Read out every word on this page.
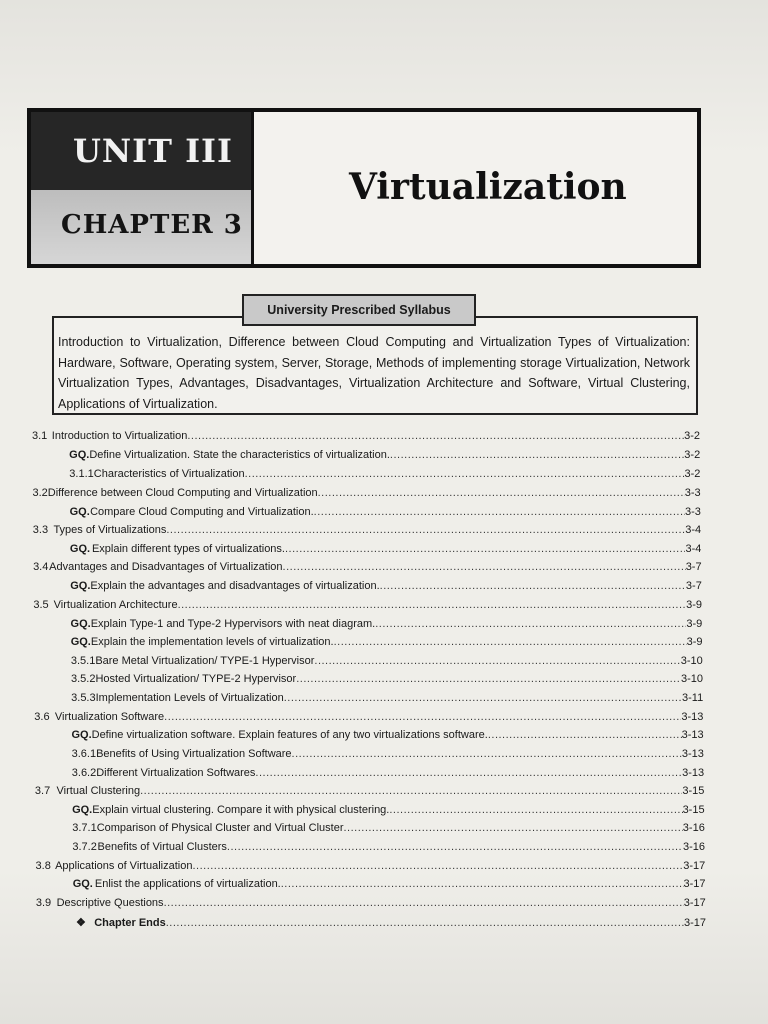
UNIT III
CHAPTER 3
Virtualization
Introduction to Virtualization, Difference between Cloud Computing and Virtualization Types of Virtualization: Hardware, Software, Operating system, Server, Storage, Methods of implementing storage Virtualization, Network Virtualization Types, Advantages, Disadvantages, Virtualization Architecture and Software, Virtual Clustering, Applications of Virtualization.
University Prescribed Syllabus
3.1 Introduction to Virtualization .....	3-2
GQ. Define Virtualization. State the characteristics of virtualization. .....	3-2
3.1.1 Characteristics of Virtualization .....	3-2
3.2 Difference between Cloud Computing and Virtualization .....	3-3
GQ. Compare Cloud Computing and Virtualization. .....	3-3
3.3 Types of Virtualizations .....	3-4
GQ. Explain different types of virtualizations. .....	3-4
3.4 Advantages and Disadvantages of Virtualization .....	3-7
GQ. Explain the advantages and disadvantages of virtualization. .....	3-7
3.5 Virtualization Architecture .....	3-9
GQ. Explain Type-1 and Type-2 Hypervisors with neat diagram. .....	3-9
GQ. Explain the implementation levels of virtualization. .....	3-9
3.5.1 Bare Metal Virtualization/ TYPE-1 Hypervisor .....	3-10
3.5.2 Hosted Virtualization/ TYPE-2 Hypervisor .....	3-10
3.5.3 Implementation Levels of Virtualization .....	3-11
3.6 Virtualization Software .....	3-13
GQ. Define virtualization software. Explain features of any two virtualizations software. .....	3-13
3.6.1 Benefits of Using Virtualization Software .....	3-13
3.6.2 Different Virtualization Softwares .....	3-13
3.7 Virtual Clustering .....	3-15
GQ. Explain virtual clustering. Compare it with physical clustering. .....	3-15
3.7.1 Comparison of Physical Cluster and Virtual Cluster .....	3-16
3.7.2 Benefits of Virtual Clusters .....	3-16
3.8 Applications of Virtualization .....	3-17
GQ. Enlist the applications of virtualization. .....	3-17
3.9 Descriptive Questions .....	3-17
❖ Chapter Ends .....	3-17
